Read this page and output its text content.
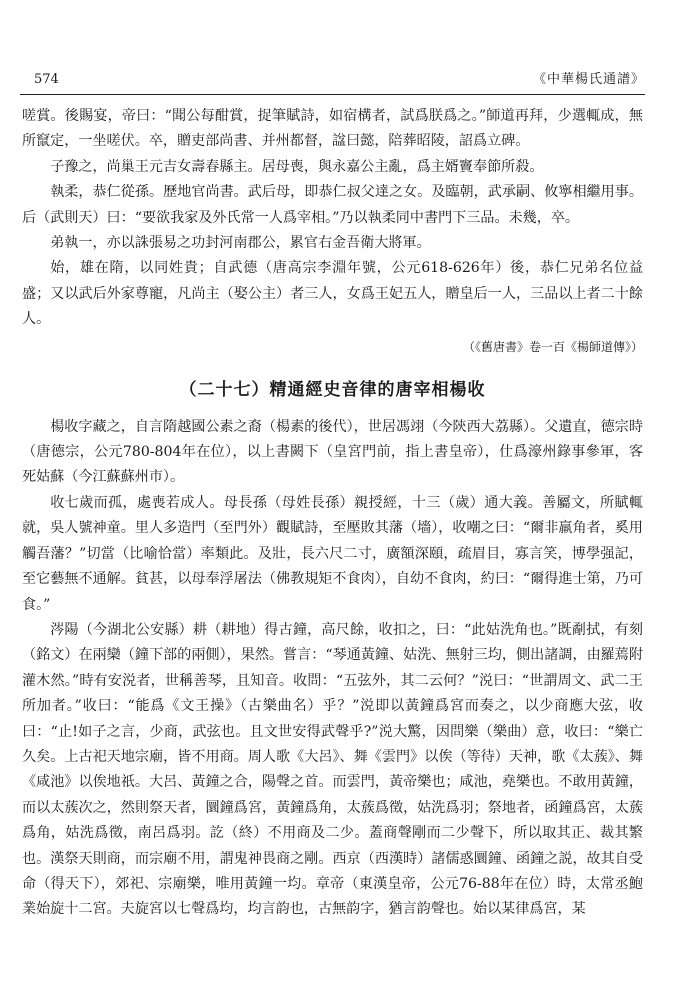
574	《中華楊氏通譜》

嗟賞。後賜宴，帝曰：“聞公每酣賞，捉筆賦詩，如宿構者，試爲朕爲之。”師道再拜，少選輒成，無所竄定，一坐嗟伏。卒，贈吏部尚書、并州都督，諡曰懿，陪葬昭陵，詔爲立碑。

子豫之，尚巢王元吉女壽春縣主。居母喪，與永嘉公主亂，爲主婿竇奉節所殺。

執柔，恭仁從孫。歷地官尚書。武后母，即恭仁叔父達之女。及臨朝，武承嗣、攸寧相繼用事。后（武則天）曰：“要欲我家及外氏常一人爲宰相。”乃以執柔同中書門下三品。未幾，卒。

弟執一，亦以誅張易之功封河南郡公，累官右金吾衛大將軍。

始，雄在隋，以同姓貴；自武德（唐高宗李淵年號，公元618-626年）後，恭仁兄弟名位益盛；又以武后外家尊寵，凡尚主（娶公主）者三人，女爲王妃五人，贈皇后一人，三品以上者二十餘人。

（《舊唐書》卷一百《楊師道傳》）
（二十七）精通經史音律的唐宰相楊收

楊收字藏之，自言隋越國公素之裔（楊素的後代），世居馮翊（今陝西大荔縣）。父遺直，德宗時（唐德宗，公元780-804年在位），以上書闕下（皇宮門前，指上書皇帝），仕爲濠州錄事參軍，客死姑蘇（今江蘇蘇州市）。

收七歲而孤，處喪若成人。母長孫（母姓長孫）親授經，十三（歲）通大義。善屬文，所賦輒就，吳人號神童。里人多造門（至門外）觀賦詩，至壓敗其藩（墻），收嘲之曰：“爾非羸角者，奚用觸吾藩？”切當（比喻恰當）率類此。及壯，長六尺二寸，廣額深頤，疏眉目，寡言笑，博學强記，至它藝無不通解。貧甚，以母奉浮屠法（佛教規矩不食肉），自幼不食肉，約曰：“爾得進士第，乃可食。”

涔陽（今湖北公安縣）耕（耕地）得古鐘，高尺餘，收扣之，曰：“此姑洗角也。”既劀拭，有刻（銘文）在兩欒（鐘下部的兩側），果然。嘗言：“琴通黃鐘、姑洗、無射三均，側出諸調，由羅蔫附灌木然。”時有安涚者，世稱善琴，且知音。收問：“五弦外，其二云何？”涚曰：“世謂周文、武二王所加者。”收曰：“能爲《文王操》（古樂曲名）乎？”涚即以黃鐘爲宮而奏之，以少商應大弦，收曰：“止!如子之言，少商，武弦也。且文世安得武聲乎?”涚大驚，因問樂（樂曲）意，收曰：“樂亡久矣。上古祀天地宗廟，皆不用商。周人歌《大呂》、舞《雲門》以俟（等待）天神，歌《太蔟》、舞《咸池》以俟地祇。大呂、黃鐘之合，陽聲之首。而雲門，黃帝樂也；咸池，堯樂也。不敢用黃鐘，而以太蔟次之，然則祭天者，圜鐘爲宮，黃鐘爲角，太蔟爲徵，姑洗爲羽；祭地者，函鐘爲宮，太蔟爲角，姑洗爲徵，南呂爲羽。訖（終）不用商及二少。蓋商聲剛而二少聲下，所以取其正、裁其繁也。漢祭天則商，而宗廟不用，謂鬼神畏商之剛。西京（西漢時）諸儒惑圜鐘、函鐘之説，故其自受命（得天下），郊祀、宗廟樂，唯用黃鐘一均。章帝（東漢皇帝，公元76-88年在位）時，太常丞鮑業始旋十二宮。夫旋宮以七聲爲均，均言韵也，古無韵字，猶言韵聲也。始以某律爲宮，某
